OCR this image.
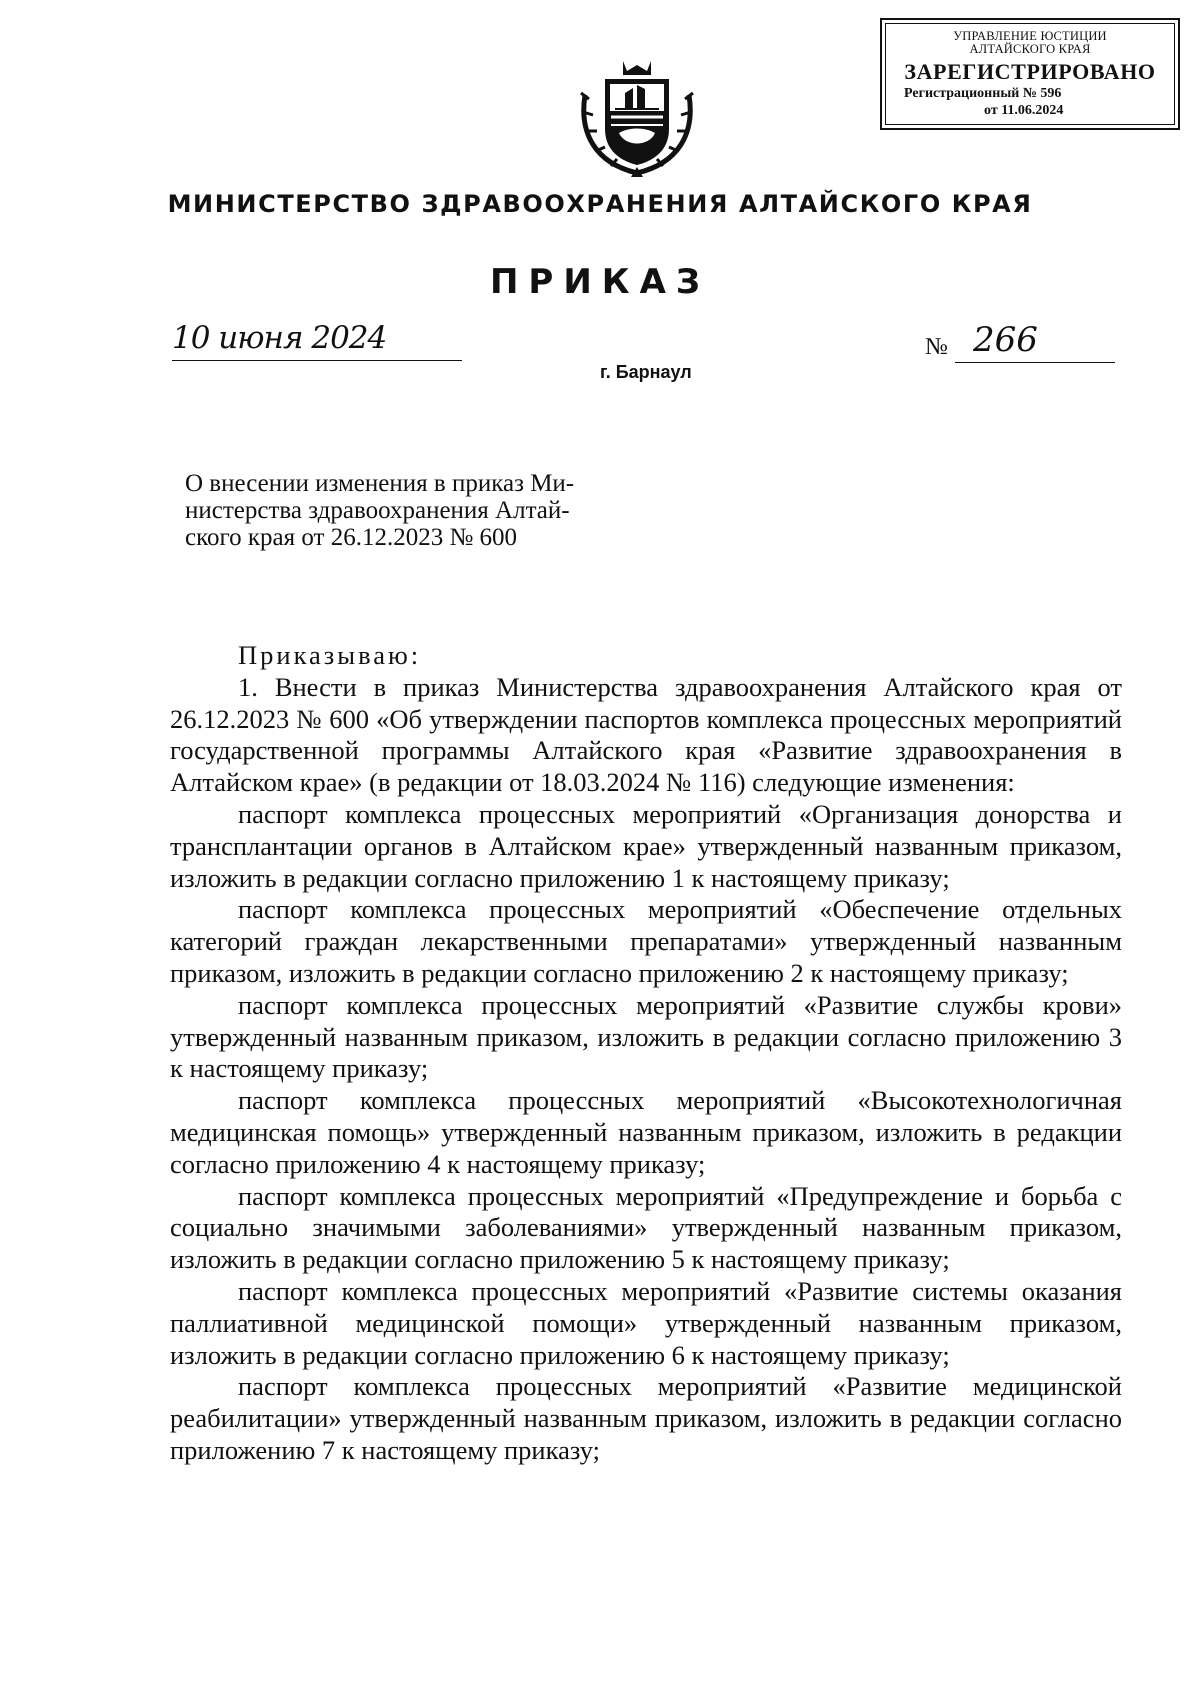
УПРАВЛЕНИЕ ЮСТИЦИИ
АЛТАЙСКОГО КРАЯ
ЗАРЕГИСТРИРОВАНО
Регистрационный № 596
от 11.06.2024
МИНИСТЕРСТВО ЗДРАВООХРАНЕНИЯ АЛТАЙСКОГО КРАЯ
ПРИКАЗ
10 июня 2024	№ 266
г. Барнаул
О внесении изменения в приказ Ми-
нистерства здравоохранения Алтай-
ского края от 26.12.2023 № 600
Приказываю:

1. Внести в приказ Министерства здравоохранения Алтайского края от 26.12.2023 № 600 «Об утверждении паспортов комплекса процессных мероприятий государственной программы Алтайского края «Развитие здравоохранения в Алтайском крае» (в редакции от 18.03.2024 № 116) следующие изменения:

паспорт комплекса процессных мероприятий «Организация донорства и трансплантации органов в Алтайском крае» утвержденный названным приказом, изложить в редакции согласно приложению 1 к настоящему приказу;

паспорт комплекса процессных мероприятий «Обеспечение отдельных категорий граждан лекарственными препаратами» утвержденный названным приказом, изложить в редакции согласно приложению 2 к настоящему приказу;

паспорт комплекса процессных мероприятий «Развитие службы крови» утвержденный названным приказом, изложить в редакции согласно приложению 3 к настоящему приказу;

паспорт комплекса процессных мероприятий «Высокотехнологичная медицинская помощь» утвержденный названным приказом, изложить в редакции согласно приложению 4 к настоящему приказу;

паспорт комплекса процессных мероприятий «Предупреждение и борьба с социально значимыми заболеваниями» утвержденный названным приказом, изложить в редакции согласно приложению 5 к настоящему приказу;

паспорт комплекса процессных мероприятий «Развитие системы оказания паллиативной медицинской помощи» утвержденный названным приказом, изложить в редакции согласно приложению 6 к настоящему приказу;

паспорт комплекса процессных мероприятий «Развитие медицинской реабилитации» утвержденный названным приказом, изложить в редакции согласно приложению 7 к настоящему приказу;
